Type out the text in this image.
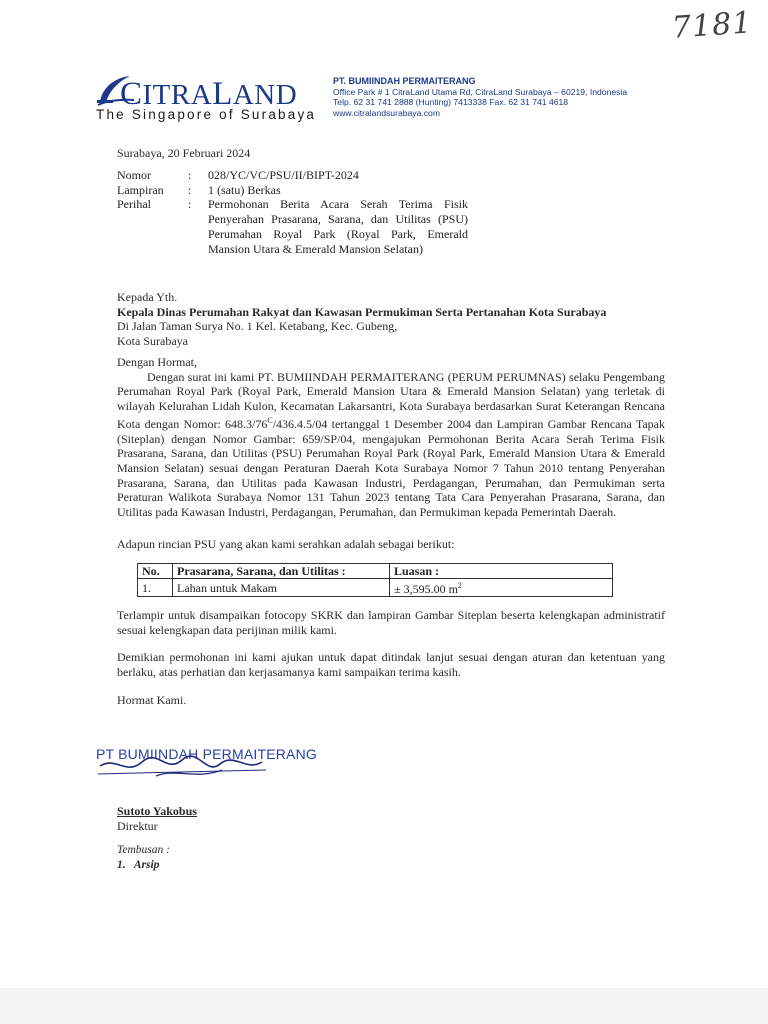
7181
CITRALAND
The Singapore of Surabaya
PT. BUMIINDAH PERMAITERANG
Office Park # 1 CitraLand Utama Rd, CitraLand Surabaya – 60219, Indonesia
Telp. 62 31 741 2888 (Hunting) 7413338 Fax. 62 31 741 4618
www.citralandsurabaya.com
Surabaya, 20 Februari 2024
Nomor	:	028/YC/VC/PSU/II/BIPT-2024
Lampiran	:	1 (satu) Berkas
Perihal	:	Permohonan Berita Acara Serah Terima Fisik Penyerahan Prasarana, Sarana, dan Utilitas (PSU) Perumahan Royal Park (Royal Park, Emerald Mansion Utara & Emerald Mansion Selatan)
Kepada Yth.
Kepala Dinas Perumahan Rakyat dan Kawasan Permukiman Serta Pertanahan Kota Surabaya
Di Jalan Taman Surya No. 1 Kel. Ketabang, Kec. Gubeng,
Kota Surabaya

Dengan Hormat,

Dengan surat ini kami PT. BUMIINDAH PERMAITERANG (PERUM PERUMNAS) selaku Pengembang Perumahan Royal Park (Royal Park, Emerald Mansion Utara & Emerald Mansion Selatan) yang terletak di wilayah Kelurahan Lidah Kulon, Kecamatan Lakarsantri, Kota Surabaya berdasarkan Surat Keterangan Rencana Kota dengan Nomor: $648.3/76^C/436.4.5/04$ tertanggal 1 Desember 2004 dan Lampiran Gambar Rencana Tapak (Siteplan) dengan Nomor Gambar: 659/SP/04, mengajukan Permohonan Berita Acara Serah Terima Fisik Prasarana, Sarana, dan Utilitas (PSU) Perumahan Royal Park (Royal Park, Emerald Mansion Utara & Emerald Mansion Selatan) sesuai dengan Peraturan Daerah Kota Surabaya Nomor 7 Tahun 2010 tentang Penyerahan Prasarana, Sarana, dan Utilitas pada Kawasan Industri, Perdagangan, Perumahan, dan Permukiman serta Peraturan Walikota Surabaya Nomor 131 Tahun 2023 tentang Tata Cara Penyerahan Prasarana, Sarana, dan Utilitas pada Kawasan Industri, Perdagangan, Perumahan, dan Permukiman kepada Pemerintah Daerah.

Adapun rincian PSU yang akan kami serahkan adalah sebagai berikut:
No.	Prasarana, Sarana, dan Utilitas :	Luasan :
1.	Lahan untuk Makam	± 3,595.00 $m^2$
Terlampir untuk disampaikan fotocopy SKRK dan lampiran Gambar Siteplan beserta kelengkapan administratif sesuai kelengkapan data perijinan milik kami.
Demikian permohonan ini kami ajukan untuk dapat ditindak lanjut sesuai dengan aturan dan ketentuan yang berlaku, atas perhatian dan kerjasamanya kami sampaikan terima kasih.
Hormat Kami.
PT BUMIINDAH PERMAITERANG
Sutoto Yakobus
Direktur
Tembusan :
1.   Arsip
